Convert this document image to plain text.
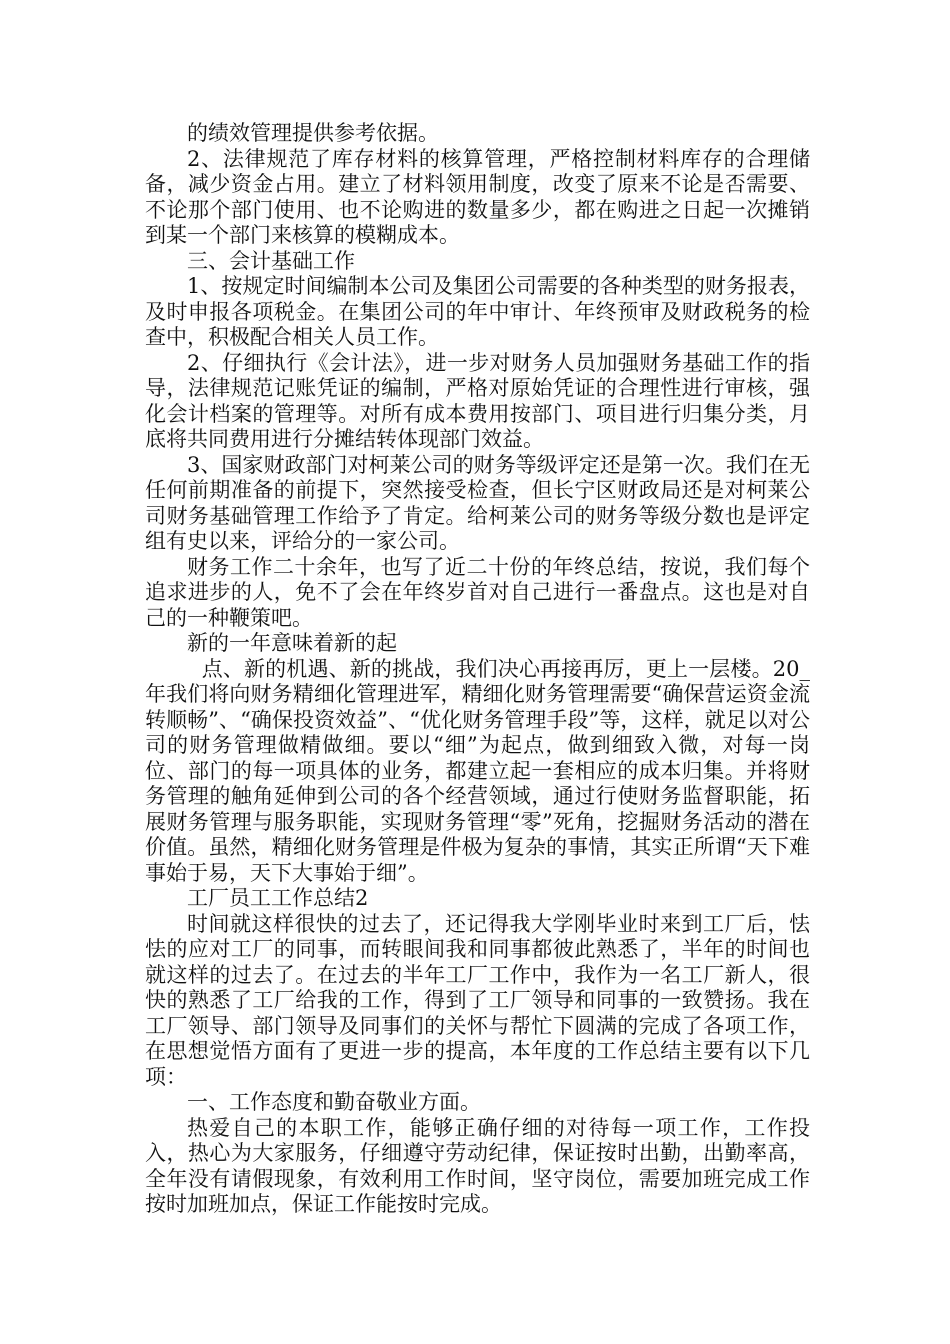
的绩效管理提供参考依据。

2、法律规范了库存材料的核算管理，严格控制材料库存的合理储备，减少资金占用。建立了材料领用制度，改变了原来不论是否需要、不论那个部门使用、也不论购进的数量多少，都在购进之日起一次摊销到某一个部门来核算的模糊成本。

三、会计基础工作

1、按规定时间编制本公司及集团公司需要的各种类型的财务报表，及时申报各项税金。在集团公司的年中审计、年终预审及财政税务的检查中，积极配合相关人员工作。

2、仔细执行《会计法》，进一步对财务人员加强财务基础工作的指导，法律规范记账凭证的编制，严格对原始凭证的合理性进行审核，强化会计档案的管理等。对所有成本费用按部门、项目进行归集分类，月底将共同费用进行分摊结转体现部门效益。

3、国家财政部门对柯莱公司的财务等级评定还是第一次。我们在无任何前期准备的前提下，突然接受检查，但长宁区财政局还是对柯莱公司财务基础管理工作给予了肯定。给柯莱公司的财务等级分数也是评定组有史以来，评给分的一家公司。

财务工作二十余年，也写了近二十份的年终总结，按说，我们每个追求进步的人，免不了会在年终岁首对自己进行一番盘点。这也是对自己的一种鞭策吧。

新的一年意味着新的起

点、新的机遇、新的挑战，我们决心再接再厉，更上一层楼。20_年我们将向财务精细化管理进军，精细化财务管理需要“确保营运资金流转顺畅”、“确保投资效益”、“优化财务管理手段”等，这样，就足以对公司的财务管理做精做细。要以“细”为起点，做到细致入微，对每一岗位、部门的每一项具体的业务，都建立起一套相应的成本归集。并将财务管理的触角延伸到公司的各个经营领域，通过行使财务监督职能，拓展财务管理与服务职能，实现财务管理“零”死角，挖掘财务活动的潜在价值。虽然，精细化财务管理是件极为复杂的事情，其实正所谓“天下难事始于易，天下大事始于细”。

工厂员工工作总结2

时间就这样很快的过去了，还记得我大学刚毕业时来到工厂后，怯怯的应对工厂的同事，而转眼间我和同事都彼此熟悉了，半年的时间也就这样的过去了。在过去的半年工厂工作中，我作为一名工厂新人，很快的熟悉了工厂给我的工作，得到了工厂领导和同事的一致赞扬。我在工厂领导、部门领导及同事们的关怀与帮忙下圆满的完成了各项工作，在思想觉悟方面有了更进一步的提高，本年度的工作总结主要有以下几项：

一、工作态度和勤奋敬业方面。

热爱自己的本职工作，能够正确仔细的对待每一项工作，工作投入，热心为大家服务，仔细遵守劳动纪律，保证按时出勤，出勤率高，全年没有请假现象，有效利用工作时间，坚守岗位，需要加班完成工作按时加班加点，保证工作能按时完成。
